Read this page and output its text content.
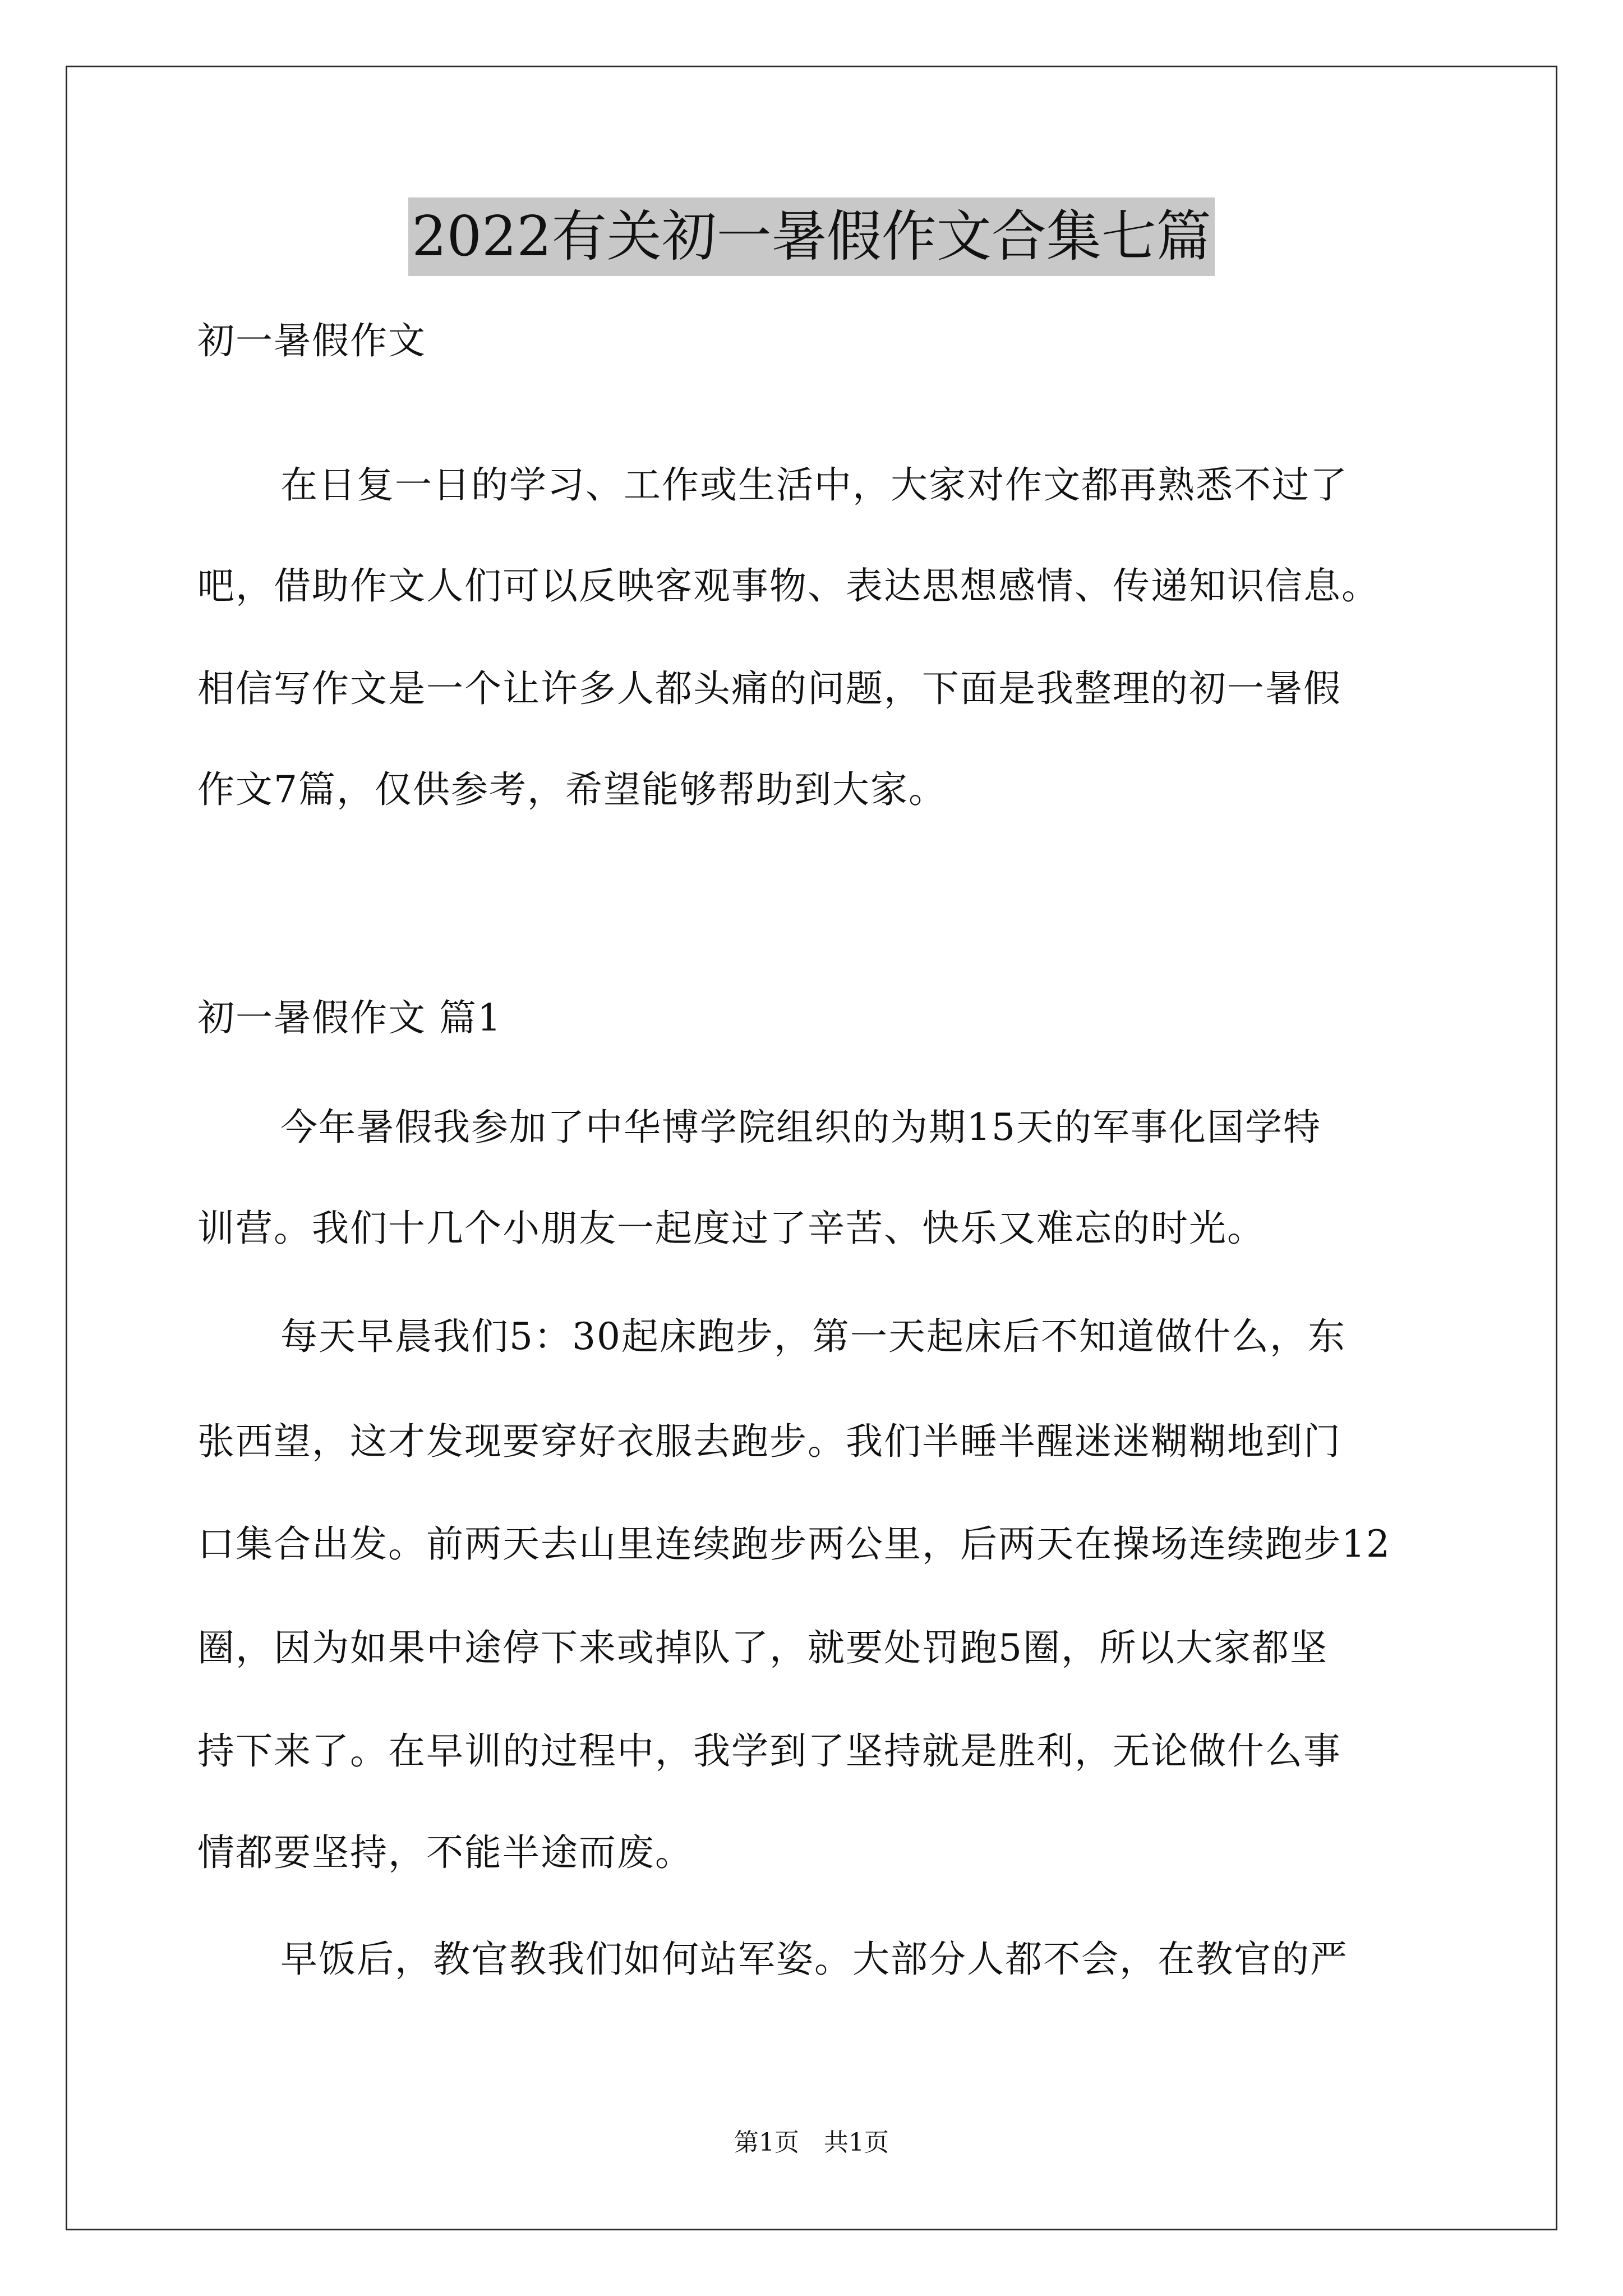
2022有关初一暑假作文合集七篇
初一暑假作文
在日复一日的学习、工作或生活中，大家对作文都再熟悉不过了
吧，借助作文人们可以反映客观事物、表达思想感情、传递知识信息。
相信写作文是一个让许多人都头痛的问题，下面是我整理的初一暑假
作文7篇，仅供参考，希望能够帮助到大家。
初一暑假作文 篇1
今年暑假我参加了中华博学院组织的为期15天的军事化国学特
训营。我们十几个小朋友一起度过了辛苦、快乐又难忘的时光。
每天早晨我们5：30起床跑步，第一天起床后不知道做什么，东
张西望，这才发现要穿好衣服去跑步。我们半睡半醒迷迷糊糊地到门
口集合出发。前两天去山里连续跑步两公里，后两天在操场连续跑步12
圈，因为如果中途停下来或掉队了，就要处罚跑5圈，所以大家都坚
持下来了。在早训的过程中，我学到了坚持就是胜利，无论做什么事
情都要坚持，不能半途而废。
早饭后，教官教我们如何站军姿。大部分人都不会，在教官的严
第1页　共1页
